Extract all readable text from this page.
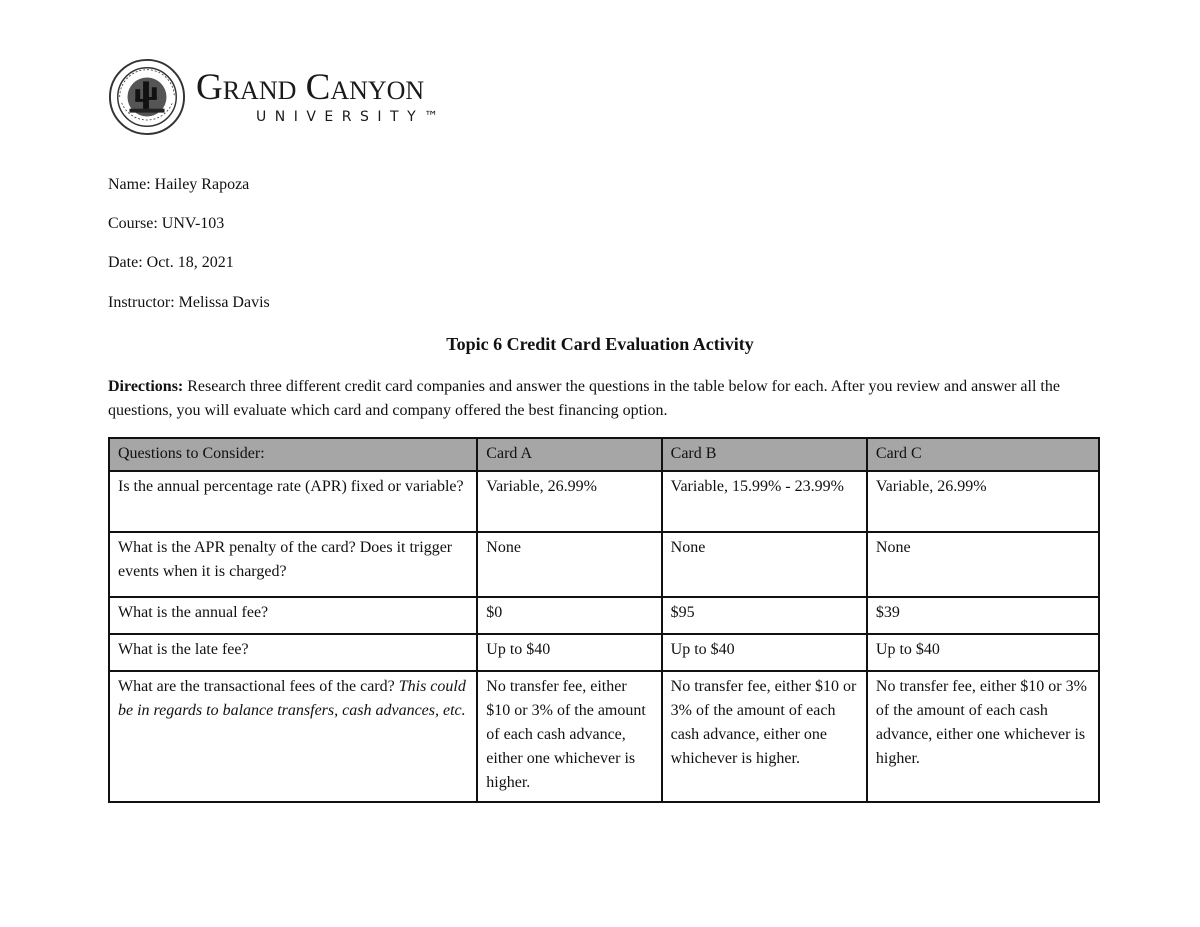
Grand Canyon
UNIVERSITY™
Name: Hailey Rapoza
Course: UNV-103
Date: Oct. 18, 2021
Instructor: Melissa Davis
Topic 6 Credit Card Evaluation Activity
Directions: Research three different credit card companies and answer the questions in the table below for each. After you review and answer all the questions, you will evaluate which card and company offered the best financing option.
Questions to Consider:	Card A	Card B	Card C
Is the annual percentage rate (APR) fixed or variable?	Variable, 26.99%	Variable, 15.99% - 23.99%	Variable, 26.99%
What is the APR penalty of the card? Does it trigger events when it is charged?	None	None	None
What is the annual fee?	$0	$95	$39
What is the late fee?	Up to $40	Up to $40	Up to $40
What are the transactional fees of the card? This could be in regards to balance transfers, cash advances, etc.	No transfer fee, either $10 or 3% of the amount of each cash advance, either one whichever is higher.	No transfer fee, either $10 or 3% of the amount of each cash advance, either one whichever is higher.	No transfer fee, either $10 or 3% of the amount of each cash advance, either one whichever is higher.
